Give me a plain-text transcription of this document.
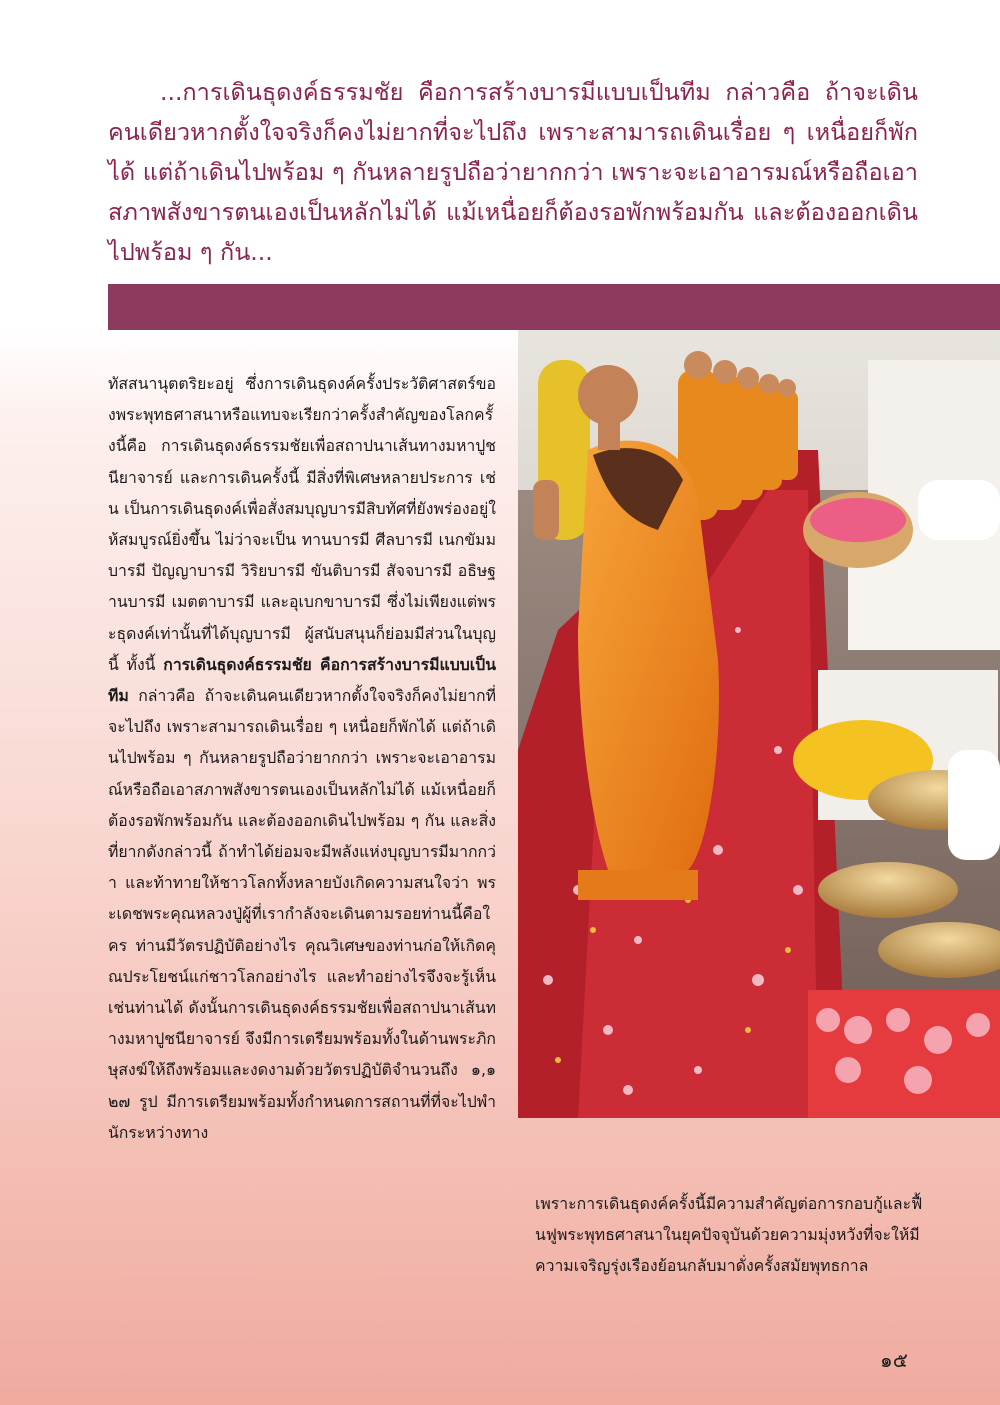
...การเดินธุดงค์ธรรมชัย คือการสร้างบารมีแบบเป็นทีม กล่าวคือ ถ้าจะเดินคนเดียวหากตั้งใจจริงก็คงไม่ยากที่จะไปถึง เพราะสามารถเดินเรื่อย ๆ เหนื่อยก็พักได้ แต่ถ้าเดินไปพร้อม ๆ กันหลายรูปถือว่ายากกว่า เพราะจะเอาอารมณ์หรือถือเอาสภาพสังขารตนเองเป็นหลักไม่ได้ แม้เหนื่อยก็ต้องรอพักพร้อมกัน และต้องออกเดินไปพร้อม ๆ กัน...

ทัสสนานุตตริยะอยู่ ซึ่งการเดินธุดงค์ครั้งประวัติศาสตร์ของพระพุทธศาสนาหรือแทบจะเรียกว่าครั้งสำคัญของโลกครั้งนี้คือ การเดินธุดงค์ธรรมชัยเพื่อสถาปนาเส้นทางมหาปูชนียาจารย์ และการเดินครั้งนี้ มีสิ่งที่พิเศษหลายประการ เช่น เป็นการเดินธุดงค์เพื่อสั่งสมบุญบารมีสิบทัศที่ยังพร่องอยู่ให้สมบูรณ์ยิ่งขึ้น ไม่ว่าจะเป็น ทานบารมี ศีลบารมี เนกขัมมบารมี ปัญญาบารมี วิริยบารมี ขันติบารมี สัจจบารมี อธิษฐานบารมี เมตตาบารมี และอุเบกขาบารมี ซึ่งไม่เพียงแต่พระธุดงค์เท่านั้นที่ได้บุญบารมี ผู้สนับสนุนก็ย่อมมีส่วนในบุญนี้ ทั้งนี้ การเดินธุดงค์ธรรมชัย คือการสร้างบารมีแบบเป็นทีม กล่าวคือ ถ้าจะเดินคนเดียวหากตั้งใจจริงก็คงไม่ยากที่จะไปถึง เพราะสามารถเดินเรื่อย ๆ เหนื่อยก็พักได้ แต่ถ้าเดินไปพร้อม ๆ กันหลายรูปถือว่ายากกว่า เพราะจะเอาอารมณ์หรือถือเอาสภาพสังขารตนเองเป็นหลักไม่ได้ แม้เหนื่อยก็ต้องรอพักพร้อมกัน และต้องออกเดินไปพร้อม ๆ กัน และสิ่งที่ยากดังกล่าวนี้ ถ้าทำได้ย่อมจะมีพลังแห่งบุญบารมีมากกว่า และท้าทายให้ชาวโลกทั้งหลายบังเกิดความสนใจว่า พระเดชพระคุณหลวงปู่ผู้ที่เรากำลังจะเดินตามรอยท่านนี้คือใคร ท่านมีวัตรปฏิบัติอย่างไร คุณวิเศษของท่านก่อให้เกิดคุณประโยชน์แก่ชาวโลกอย่างไร และทำอย่างไรจึงจะรู้เห็นเช่นท่านได้ ดังนั้นการเดินธุดงค์ธรรมชัยเพื่อสถาปนาเส้นทางมหาปูชนียาจารย์ จึงมีการเตรียมพร้อมทั้งในด้านพระภิกษุสงฆ์ให้ถึงพร้อมและงดงามด้วยวัตรปฏิบัติจำนวนถึง ๑,๑๒๗ รูป มีการเตรียมพร้อมทั้งกำหนดการสถานที่ที่จะไปพำนักระหว่างทาง

เพราะการเดินธุดงค์ครั้งนี้มีความสำคัญต่อการกอบกู้และฟื้นฟูพระพุทธศาสนาในยุคปัจจุบันด้วยความมุ่งหวังที่จะให้มีความเจริญรุ่งเรืองย้อนกลับมาดั่งครั้งสมัยพุทธกาล

๑๕
